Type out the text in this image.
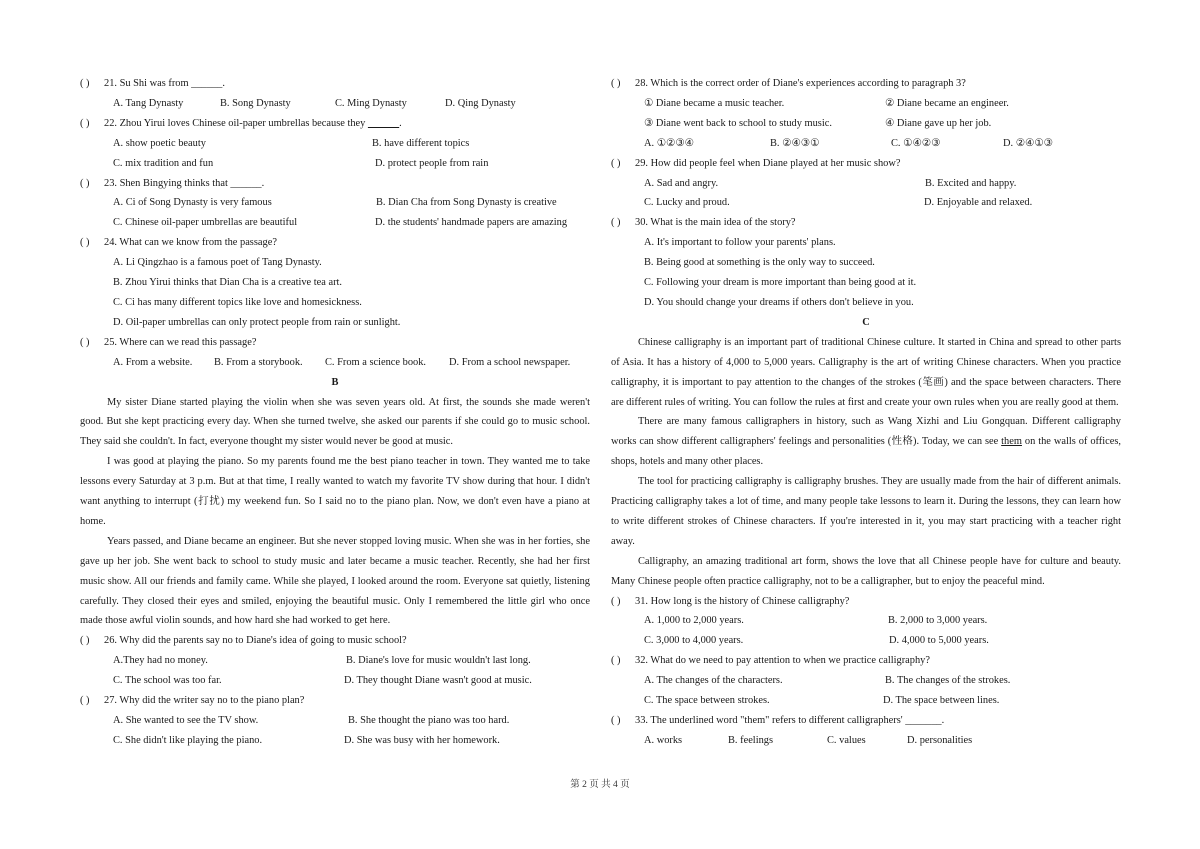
( )	21. Su Shi was from ______.
A. Tang Dynasty	B. Song Dynasty	C. Ming Dynasty	D. Qing Dynasty
( )	22. Zhou Yirui loves Chinese oil-paper umbrellas because they ______.
A. show poetic beauty	B. have different topics
C. mix tradition and fun	D. protect people from rain
( )	23. Shen Bingying thinks that ______.
A. Ci of Song Dynasty is very famous	B. Dian Cha from Song Dynasty is creative
C. Chinese oil-paper umbrellas are beautiful	D. the students' handmade papers are amazing
( )	24. What can we know from the passage?
A. Li Qingzhao is a famous poet of Tang Dynasty.
B. Zhou Yirui thinks that Dian Cha is a creative tea art.
C. Ci has many different topics like love and homesickness.
D. Oil-paper umbrellas can only protect people from rain or sunlight.
( )	25. Where can we read this passage?
A. From a website.	B. From a storybook.	C. From a science book.	D. From a school newspaper.
B

My sister Diane started playing the violin when she was seven years old. At first, the sounds she made weren't good. But she kept practicing every day. When she turned twelve, she asked our parents if she could go to music school. They said she couldn't. In fact, everyone thought my sister would never be good at music.

I was good at playing the piano. So my parents found me the best piano teacher in town. They wanted me to take lessons every Saturday at 3 p.m. But at that time, I really wanted to watch my favorite TV show during that hour. I didn't want anything to interrupt (打扰) my weekend fun. So I said no to the piano plan. Now, we don't even have a piano at home.

Years passed, and Diane became an engineer. But she never stopped loving music. When she was in her forties, she gave up her job. She went back to school to study music and later became a music teacher. Recently, she had her first music show. All our friends and family came. While she played, I looked around the room. Everyone sat quietly, listening carefully. They closed their eyes and smiled, enjoying the beautiful music. Only I remembered the little girl who once made those awful violin sounds, and how hard she had worked to get here.

( )	26. Why did the parents say no to Diane's idea of going to music school?
A.They had no money.	B. Diane's love for music wouldn't last long.
C. The school was too far.	D. They thought Diane wasn't good at music.
( )	27. Why did the writer say no to the piano plan?
A. She wanted to see the TV show.	B. She thought the piano was too hard.
C. She didn't like playing the piano.	D. She was busy with her homework.
( )	28. Which is the correct order of Diane's experiences according to paragraph 3?
① Diane became a music teacher.	② Diane became an engineer.
③ Diane went back to school to study music.	④ Diane gave up her job.
A. ①②③④	B. ②④③①	C. ①④②③	D. ②④①③
( )	29. How did people feel when Diane played at her music show?
A. Sad and angry.	B. Excited and happy.
C. Lucky and proud.	D. Enjoyable and relaxed.
( )	30. What is the main idea of the story?
A. It's important to follow your parents' plans.
B. Being good at something is the only way to succeed.
C. Following your dream is more important than being good at it.
D. You should change your dreams if others don't believe in you.
C

Chinese calligraphy is an important part of traditional Chinese culture. It started in China and spread to other parts of Asia. It has a history of 4,000 to 5,000 years. Calligraphy is the art of writing Chinese characters. When you practice calligraphy, it is important to pay attention to the changes of the strokes (笔画) and the space between characters. There are different rules of writing. You can follow the rules at first and create your own rules when you are really good at them.

There are many famous calligraphers in history, such as Wang Xizhi and Liu Gongquan. Different calligraphy works can show different calligraphers' feelings and personalities (性格). Today, we can see them on the walls of offices, shops, hotels and many other places.

The tool for practicing calligraphy is calligraphy brushes. They are usually made from the hair of different animals. Practicing calligraphy takes a lot of time, and many people take lessons to learn it. During the lessons, they can learn how to write different strokes of Chinese characters. If you're interested in it, you may start practicing with a teacher right away.

Calligraphy, an amazing traditional art form, shows the love that all Chinese people have for culture and beauty. Many Chinese people often practice calligraphy, not to be a calligrapher, but to enjoy the peaceful mind.

( )	31. How long is the history of Chinese calligraphy?
A. 1,000 to 2,000 years.	B. 2,000 to 3,000 years.
C. 3,000 to 4,000 years.	D. 4,000 to 5,000 years.
( )	32. What do we need to pay attention to when we practice calligraphy?
A. The changes of the characters.	B. The changes of the strokes.
C. The space between strokes.	D. The space between lines.
( )	33. The underlined word "them" refers to different calligraphers' _______.
A. works	B. feelings	C. values	D. personalities
第 2 页 共 4 页
